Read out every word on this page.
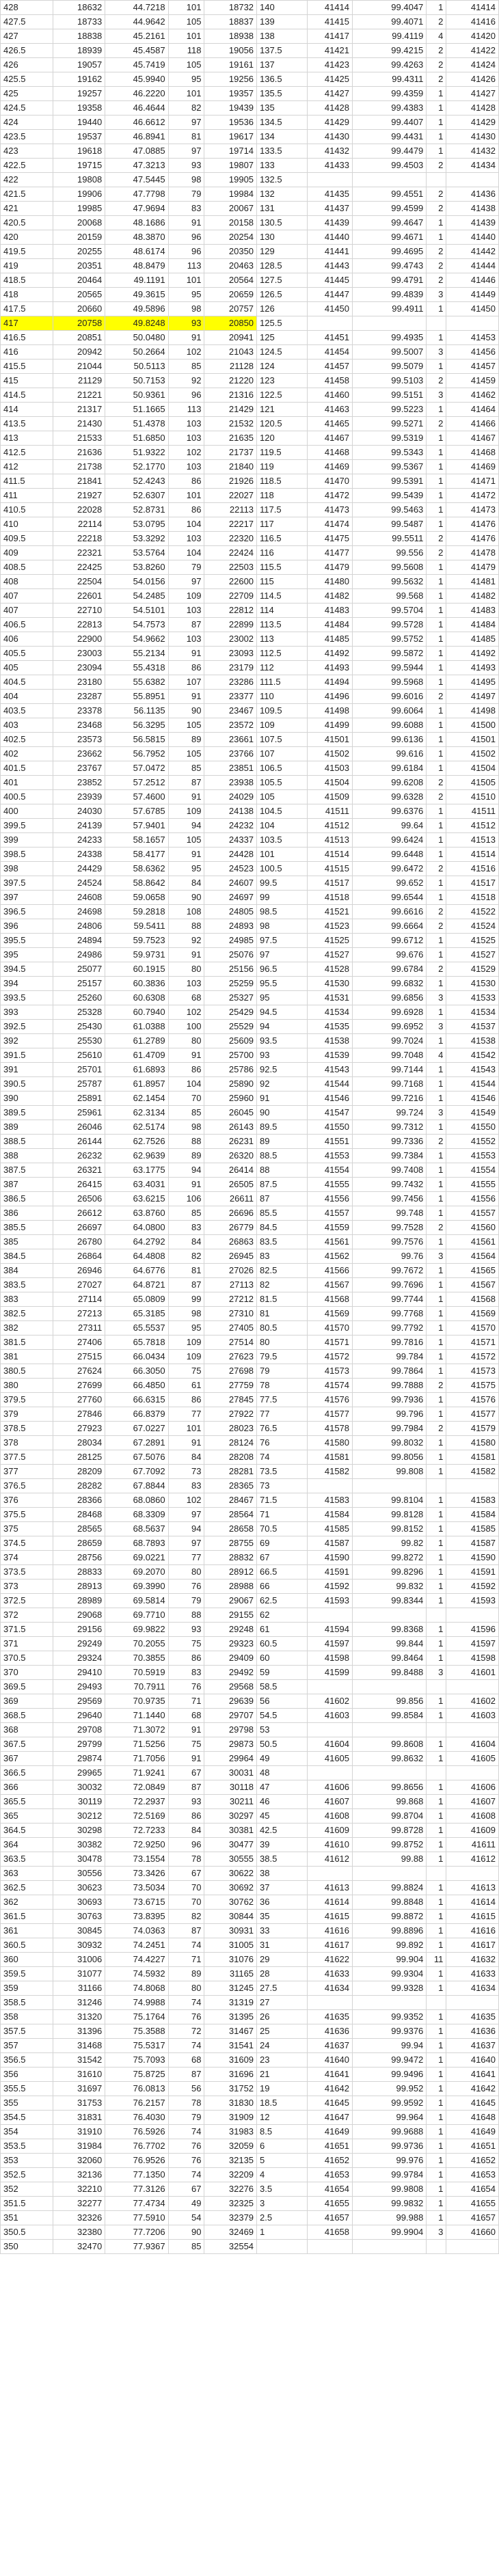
428	18632	44.7218	101	18732	140	41414	99.4047	1	41414
427.5	18733	44.9642	105	18837	139	41415	99.4071	2	41416
427	18838	45.2161	101	18938	138	41417	99.4119	4	41420
426.5	18939	45.4587	118	19056	137.5	41421	99.4215	2	41422
426	19057	45.7419	105	19161	137	41423	99.4263	2	41424
425.5	19162	45.9940	95	19256	136.5	41425	99.4311	2	41426
425	19257	46.2220	101	19357	135.5	41427	99.4359	1	41427
424.5	19358	46.4644	82	19439	135	41428	99.4383	1	41428
424	19440	46.6612	97	19536	134.5	41429	99.4407	1	41429
423.5	19537	46.8941	81	19617	134	41430	99.4431	1	41430
423	19618	47.0885	97	19714	133.5	41432	99.4479	1	41432
422.5	19715	47.3213	93	19807	133	41433	99.4503	2	41434
422	19808	47.5445	98	19905	132.5				
421.5	19906	47.7798	79	19984	132	41435	99.4551	2	41436
421	19985	47.9694	83	20067	131	41437	99.4599	2	41438
420.5	20068	48.1686	91	20158	130.5	41439	99.4647	1	41439
420	20159	48.3870	96	20254	130	41440	99.4671	1	41440
419.5	20255	48.6174	96	20350	129	41441	99.4695	2	41442
419	20351	48.8479	113	20463	128.5	41443	99.4743	2	41444
418.5	20464	49.1191	101	20564	127.5	41445	99.4791	2	41446
418	20565	49.3615	95	20659	126.5	41447	99.4839	3	41449
417.5	20660	49.5896	98	20757	126	41450	99.4911	1	41450
417	20758	49.8248	93	20850	125.5				
416.5	20851	50.0480	91	20941	125	41451	99.4935	1	41453
416	20942	50.2664	102	21043	124.5	41454	99.5007	3	41456
415.5	21044	50.5113	85	21128	124	41457	99.5079	1	41457
415	21129	50.7153	92	21220	123	41458	99.5103	2	41459
414.5	21221	50.9361	96	21316	122.5	41460	99.5151	3	41462
414	21317	51.1665	113	21429	121	41463	99.5223	1	41464
413.5	21430	51.4378	103	21532	120.5	41465	99.5271	2	41466
413	21533	51.6850	103	21635	120	41467	99.5319	1	41467
412.5	21636	51.9322	102	21737	119.5	41468	99.5343	1	41468
412	21738	52.1770	103	21840	119	41469	99.5367	1	41469
411.5	21841	52.4243	86	21926	118.5	41470	99.5391	1	41471
411	21927	52.6307	101	22027	118	41472	99.5439	1	41472
410.5	22028	52.8731	86	22113	117.5	41473	99.5463	1	41473
410	22114	53.0795	104	22217	117	41474	99.5487	1	41476
409.5	22218	53.3292	103	22320	116.5	41475	99.5511	2	41476
409	22321	53.5764	104	22424	116	41477	99.556	2	41478
408.5	22425	53.8260	79	22503	115.5	41479	99.5608	1	41479
408	22504	54.0156	97	22600	115	41480	99.5632	1	41481
407	22601	54.2485	109	22709	114.5	41482	99.568	1	41482
407	22710	54.5101	103	22812	114	41483	99.5704	1	41483
406.5	22813	54.7573	87	22899	113.5	41484	99.5728	1	41484
406	22900	54.9662	103	23002	113	41485	99.5752	1	41485
405.5	23003	55.2134	91	23093	112.5	41492	99.5872	1	41492
405	23094	55.4318	86	23179	112	41493	99.5944	1	41493
404.5	23180	55.6382	107	23286	111.5	41494	99.5968	1	41495
404	23287	55.8951	91	23377	110	41496	99.6016	2	41497
403.5	23378	56.1135	90	23467	109.5	41498	99.6064	1	41498
403	23468	56.3295	105	23572	109	41499	99.6088	1	41500
402.5	23573	56.5815	89	23661	107.5	41501	99.6136	1	41501
402	23662	56.7952	105	23766	107	41502	99.616	1	41502
401.5	23767	57.0472	85	23851	106.5	41503	99.6184	1	41504
401	23852	57.2512	87	23938	105.5	41504	99.6208	2	41505
400.5	23939	57.4600	91	24029	105	41509	99.6328	2	41510
400	24030	57.6785	109	24138	104.5	41511	99.6376	1	41511
399.5	24139	57.9401	94	24232	104	41512	99.64	1	41512
399	24233	58.1657	105	24337	103.5	41513	99.6424	1	41513
398.5	24338	58.4177	91	24428	101	41514	99.6448	1	41514
398	24429	58.6362	95	24523	100.5	41515	99.6472	2	41516
397.5	24524	58.8642	84	24607	99.5	41517	99.652	1	41517
397	24608	59.0658	90	24697	99	41518	99.6544	1	41518
396.5	24698	59.2818	108	24805	98.5	41521	99.6616	2	41522
396	24806	59.5411	88	24893	98	41523	99.6664	2	41524
395.5	24894	59.7523	92	24985	97.5	41525	99.6712	1	41525
395	24986	59.9731	91	25076	97	41527	99.676	1	41527
394.5	25077	60.1915	80	25156	96.5	41528	99.6784	2	41529
394	25157	60.3836	103	25259	95.5	41530	99.6832	1	41530
393.5	25260	60.6308	68	25327	95	41531	99.6856	3	41533
393	25328	60.7940	102	25429	94.5	41534	99.6928	1	41534
392.5	25430	61.0388	100	25529	94	41535	99.6952	3	41537
392	25530	61.2789	80	25609	93.5	41538	99.7024	1	41538
391.5	25610	61.4709	91	25700	93	41539	99.7048	4	41542
391	25701	61.6893	86	25786	92.5	41543	99.7144	1	41543
390.5	25787	61.8957	104	25890	92	41544	99.7168	1	41544
390	25891	62.1454	70	25960	91	41546	99.7216	1	41546
389.5	25961	62.3134	85	26045	90	41547	99.724	3	41549
389	26046	62.5174	98	26143	89.5	41550	99.7312	1	41550
388.5	26144	62.7526	88	26231	89	41551	99.7336	2	41552
388	26232	62.9639	89	26320	88.5	41553	99.7384	1	41553
387.5	26321	63.1775	94	26414	88	41554	99.7408	1	41554
387	26415	63.4031	91	26505	87.5	41555	99.7432	1	41555
386.5	26506	63.6215	106	26611	87	41556	99.7456	1	41556
386	26612	63.8760	85	26696	85.5	41557	99.748	1	41557
385.5	26697	64.0800	83	26779	84.5	41559	99.7528	2	41560
385	26780	64.2792	84	26863	83.5	41561	99.7576	1	41561
384.5	26864	64.4808	82	26945	83	41562	99.76	3	41564
384	26946	64.6776	81	27026	82.5	41566	99.7672	1	41565
383.5	27027	64.8721	87	27113	82	41567	99.7696	1	41567
383	27114	65.0809	99	27212	81.5	41568	99.7744	1	41568
382.5	27213	65.3185	98	27310	81	41569	99.7768	1	41569
382	27311	65.5537	95	27405	80.5	41570	99.7792	1	41570
381.5	27406	65.7818	109	27514	80	41571	99.7816	1	41571
381	27515	66.0434	109	27623	79.5	41572	99.784	1	41572
380.5	27624	66.3050	75	27698	79	41573	99.7864	1	41573
380	27699	66.4850	61	27759	78	41574	99.7888	2	41575
379.5	27760	66.6315	86	27845	77.5	41576	99.7936	1	41576
379	27846	66.8379	77	27922	77	41577	99.796	1	41577
378.5	27923	67.0227	101	28023	76.5	41578	99.7984	2	41579
378	28034	67.2891	91	28124	76	41580	99.8032	1	41580
377.5	28125	67.5076	84	28208	74	41581	99.8056	1	41581
377	28209	67.7092	73	28281	73.5	41582	99.808	1	41582
376.5	28282	67.8844	83	28365	73				
376	28366	68.0860	102	28467	71.5	41583	99.8104	1	41583
375.5	28468	68.3309	97	28564	71	41584	99.8128	1	41584
375	28565	68.5637	94	28658	70.5	41585	99.8152	1	41585
374.5	28659	68.7893	97	28755	69	41587	99.82	1	41587
374	28756	69.0221	77	28832	67	41590	99.8272	1	41590
373.5	28833	69.2070	80	28912	66.5	41591	99.8296	1	41591
373	28913	69.3990	76	28988	66	41592	99.832	1	41592
372.5	28989	69.5814	79	29067	62.5	41593	99.8344	1	41593
372	29068	69.7710	88	29155	62				
371.5	29156	69.9822	93	29248	61	41594	99.8368	1	41596
371	29249	70.2055	75	29323	60.5	41597	99.844	1	41597
370.5	29324	70.3855	86	29409	60	41598	99.8464	1	41598
370	29410	70.5919	83	29492	59	41599	99.8488	3	41601
369.5	29493	70.7911	76	29568	58.5				
369	29569	70.9735	71	29639	56	41602	99.856	1	41602
368.5	29640	71.1440	68	29707	54.5	41603	99.8584	1	41603
368	29708	71.3072	91	29798	53				
367.5	29799	71.5256	75	29873	50.5	41604	99.8608	1	41604
367	29874	71.7056	91	29964	49	41605	99.8632	1	41605
366.5	29965	71.9241	67	30031	48				
366	30032	72.0849	87	30118	47	41606	99.8656	1	41606
365.5	30119	72.2937	93	30211	46	41607	99.868	1	41607
365	30212	72.5169	86	30297	45	41608	99.8704	1	41608
364.5	30298	72.7233	84	30381	42.5	41609	99.8728	1	41609
364	30382	72.9250	96	30477	39	41610	99.8752	1	41611
363.5	30478	73.1554	78	30555	38.5	41612	99.88	1	41612
363	30556	73.3426	67	30622	38				
362.5	30623	73.5034	70	30692	37	41613	99.8824	1	41613
362	30693	73.6715	70	30762	36	41614	99.8848	1	41614
361.5	30763	73.8395	82	30844	35	41615	99.8872	1	41615
361	30845	74.0363	87	30931	33	41616	99.8896	1	41616
360.5	30932	74.2451	74	31005	31	41617	99.892	1	41617
360	31006	74.4227	71	31076	29	41622	99.904	11	41632
359.5	31077	74.5932	89	31165	28	41633	99.9304	1	41633
359	31166	74.8068	80	31245	27.5	41634	99.9328	1	41634
358.5	31246	74.9988	74	31319	27				
358	31320	75.1764	76	31395	26	41635	99.9352	1	41635
357.5	31396	75.3588	72	31467	25	41636	99.9376	1	41636
357	31468	75.5317	74	31541	24	41637	99.94	1	41637
356.5	31542	75.7093	68	31609	23	41640	99.9472	1	41640
356	31610	75.8725	87	31696	21	41641	99.9496	1	41641
355.5	31697	76.0813	56	31752	19	41642	99.952	1	41642
355	31753	76.2157	78	31830	18.5	41645	99.9592	1	41645
354.5	31831	76.4030	79	31909	12	41647	99.964	1	41648
354	31910	76.5926	74	31983	8.5	41649	99.9688	1	41649
353.5	31984	76.7702	76	32059	6	41651	99.9736	1	41651
353	32060	76.9526	76	32135	5	41652	99.976	1	41652
352.5	32136	77.1350	74	32209	4	41653	99.9784	1	41653
352	32210	77.3126	67	32276	3.5	41654	99.9808	1	41654
351.5	32277	77.4734	49	32325	3	41655	99.9832	1	41655
351	32326	77.5910	54	32379	2.5	41657	99.988	1	41657
350.5	32380	77.7206	90	32469	1	41658	99.9904	3	41660
350	32470	77.9367	85	32554					
